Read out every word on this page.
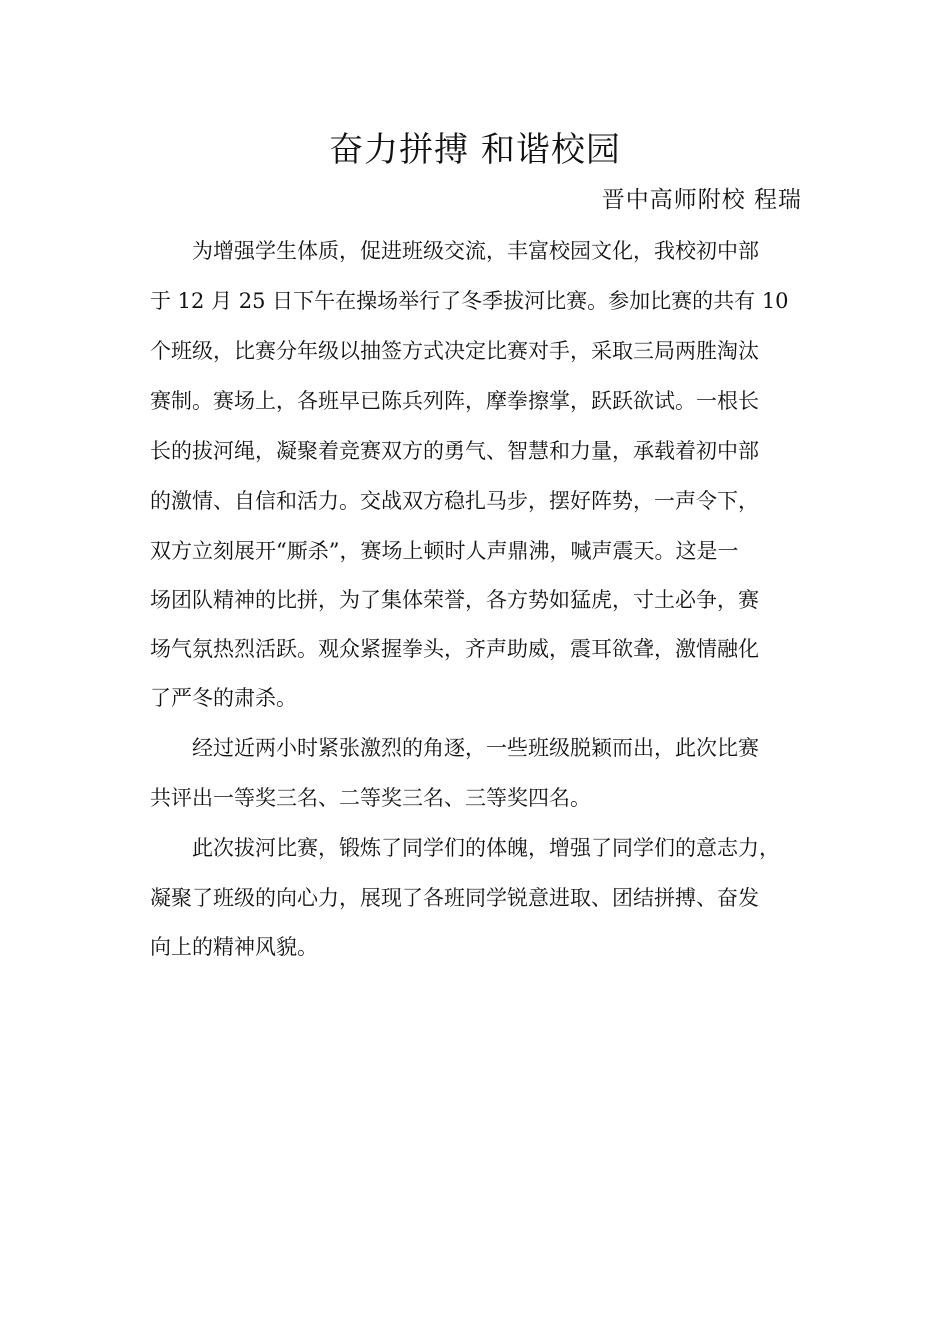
奋力拼搏 和谐校园
晋中高师附校 程瑞
为增强学生体质，促进班级交流，丰富校园文化，我校初中部
于 12 月 25 日下午在操场举行了冬季拔河比赛。参加比赛的共有 10
个班级，比赛分年级以抽签方式决定比赛对手，采取三局两胜淘汰
赛制。赛场上，各班早已陈兵列阵，摩拳擦掌，跃跃欲试。一根长
长的拔河绳，凝聚着竞赛双方的勇气、智慧和力量，承载着初中部
的激情、自信和活力。交战双方稳扎马步，摆好阵势，一声令下，
双方立刻展开“厮杀”，赛场上顿时人声鼎沸，喊声震天。这是一
场团队精神的比拼，为了集体荣誉，各方势如猛虎，寸土必争，赛
场气氛热烈活跃。观众紧握拳头，齐声助威，震耳欲聋，激情融化
了严冬的肃杀。
经过近两小时紧张激烈的角逐，一些班级脱颖而出，此次比赛
共评出一等奖三名、二等奖三名、三等奖四名。
此次拔河比赛，锻炼了同学们的体魄，增强了同学们的意志力，
凝聚了班级的向心力，展现了各班同学锐意进取、团结拼搏、奋发
向上的精神风貌。
